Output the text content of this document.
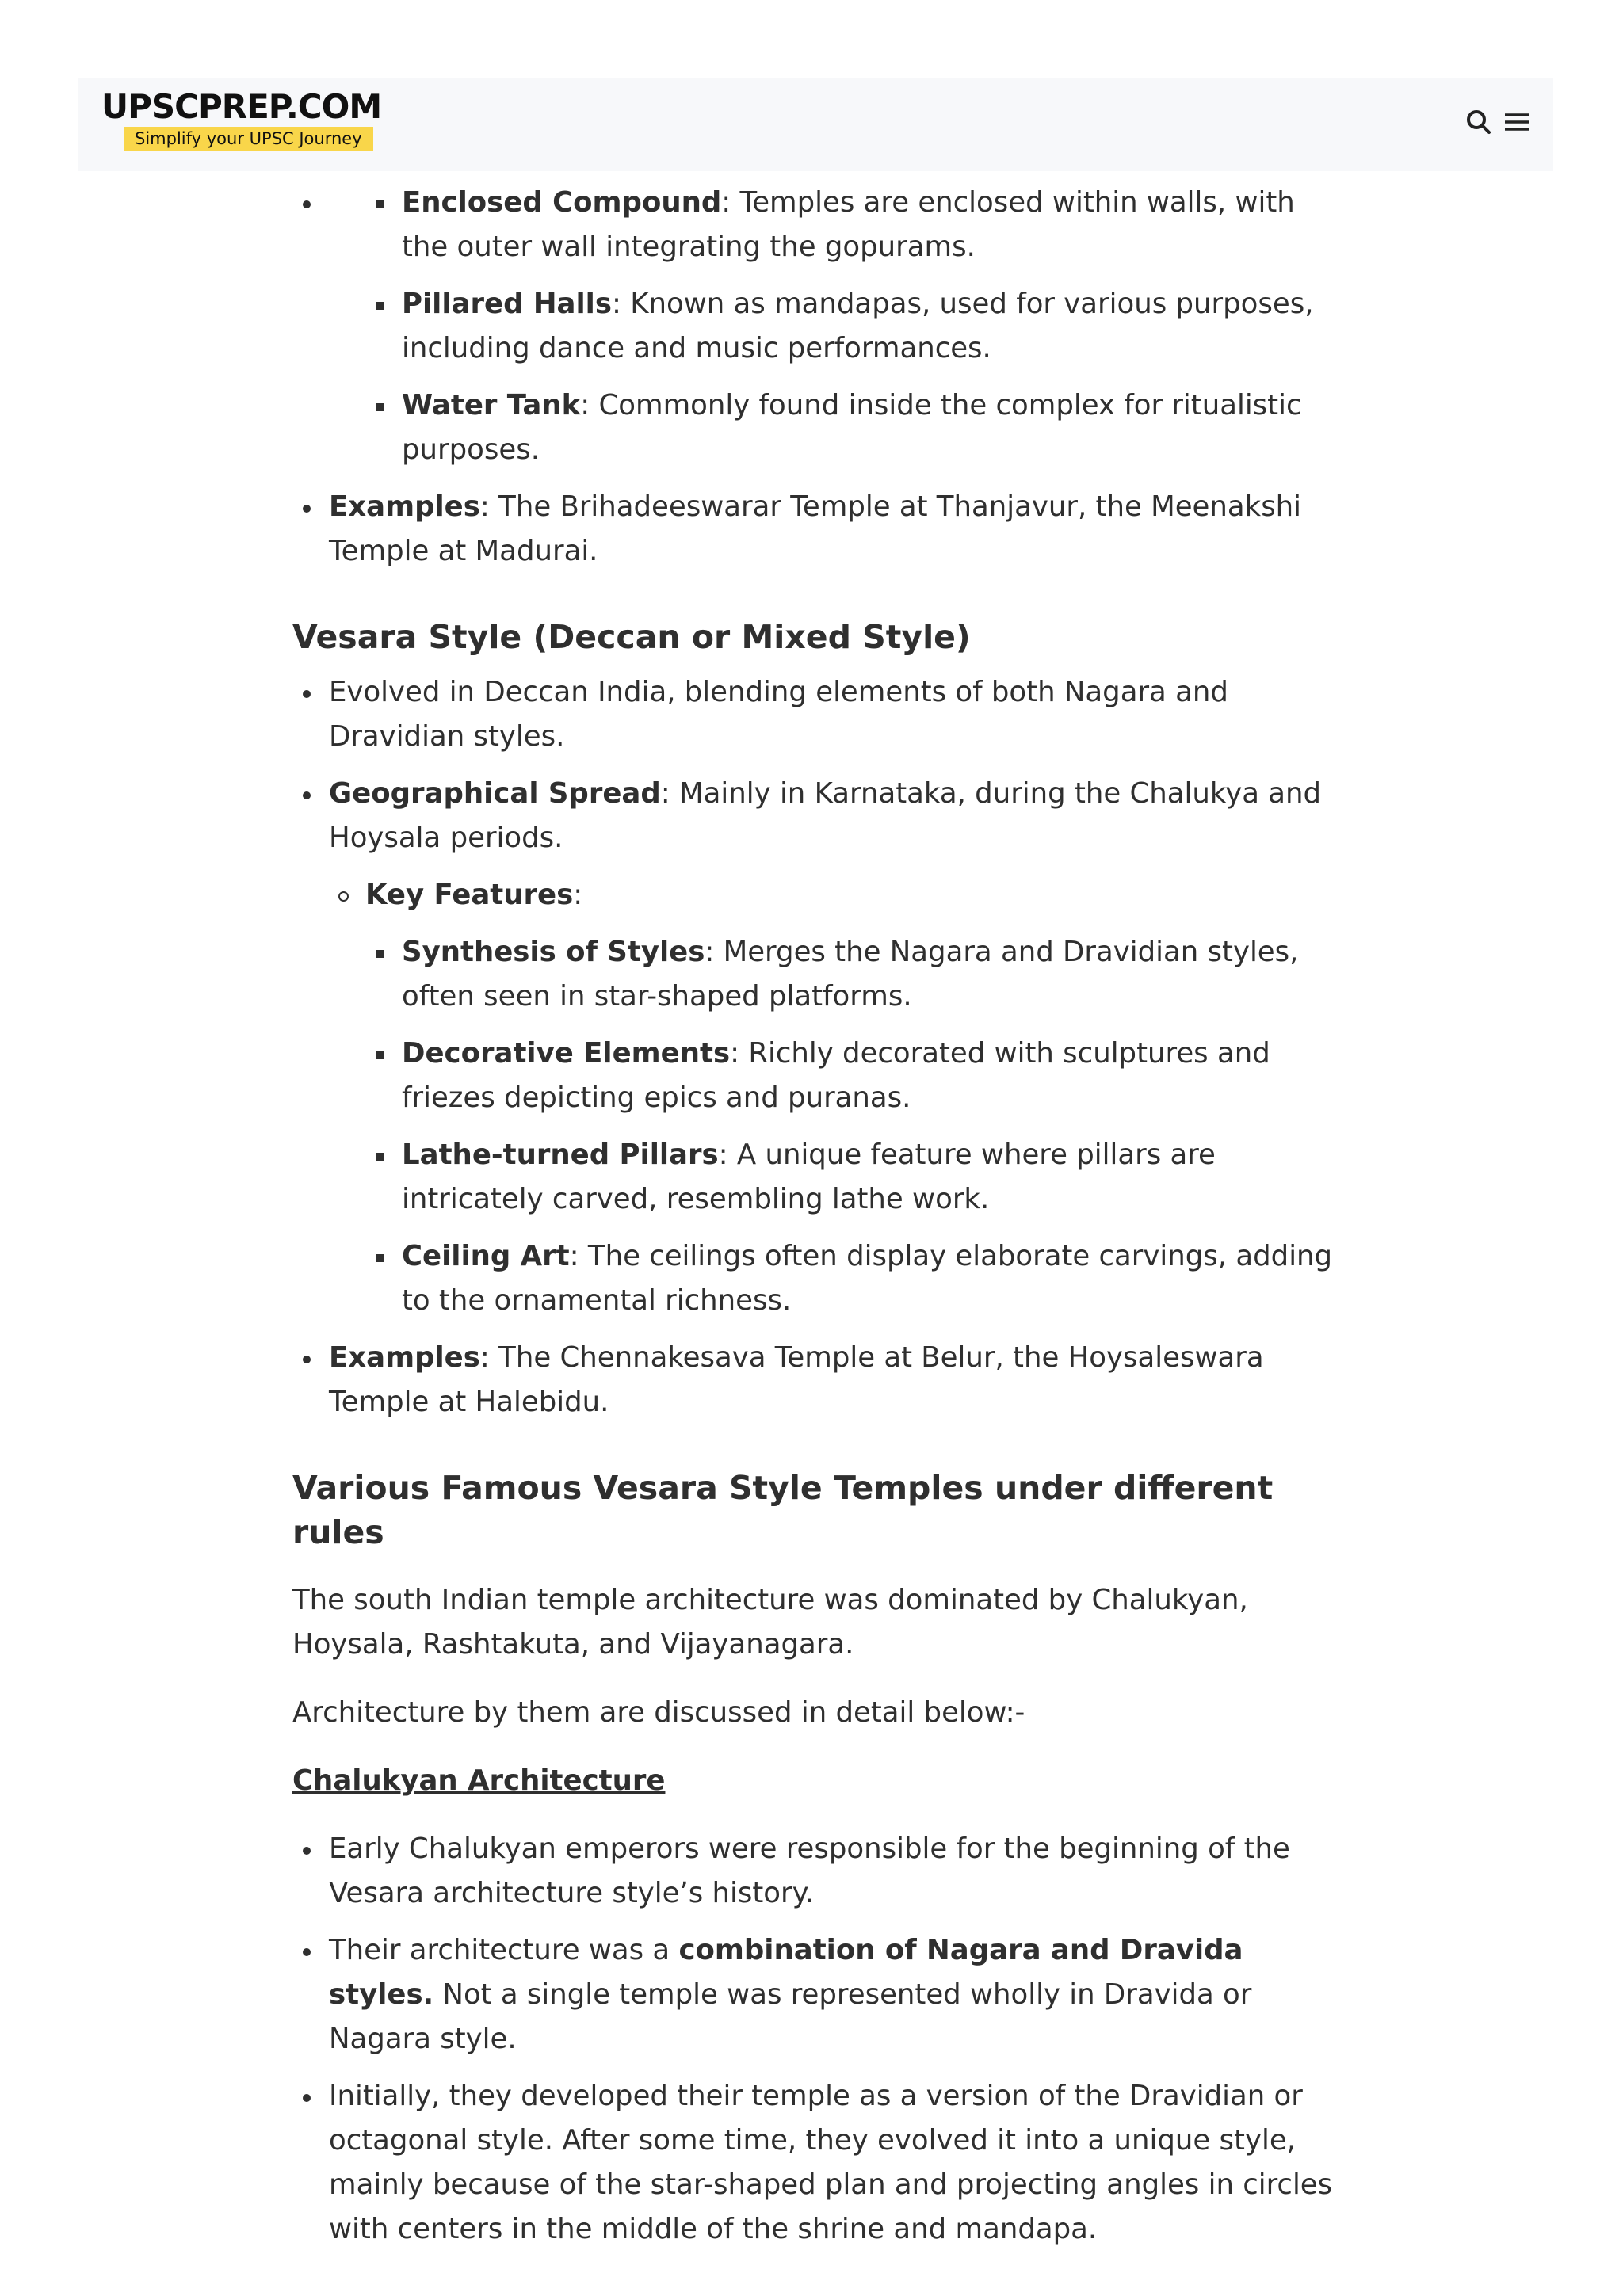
UPSCPREP.COM
Simplify your UPSC Journey
Enclosed Compound: Temples are enclosed within walls, with the outer wall integrating the gopurams.
Pillared Halls: Known as mandapas, used for various purposes, including dance and music performances.
Water Tank: Commonly found inside the complex for ritualistic purposes.
Examples: The Brihadeeswarar Temple at Thanjavur, the Meenakshi Temple at Madurai.
Vesara Style (Deccan or Mixed Style)
Evolved in Deccan India, blending elements of both Nagara and Dravidian styles.
Geographical Spread: Mainly in Karnataka, during the Chalukya and Hoysala periods.
Key Features:
Synthesis of Styles: Merges the Nagara and Dravidian styles, often seen in star-shaped platforms.
Decorative Elements: Richly decorated with sculptures and friezes depicting epics and puranas.
Lathe-turned Pillars: A unique feature where pillars are intricately carved, resembling lathe work.
Ceiling Art: The ceilings often display elaborate carvings, adding to the ornamental richness.
Examples: The Chennakesava Temple at Belur, the Hoysaleswara Temple at Halebidu.
Various Famous Vesara Style Temples under different rules

The south Indian temple architecture was dominated by Chalukyan, Hoysala, Rashtakuta, and Vijayanagara.

Architecture by them are discussed in detail below:-

Chalukyan Architecture

Early Chalukyan emperors were responsible for the beginning of the Vesara architecture style’s history.
Their architecture was a combination of Nagara and Dravida styles. Not a single temple was represented wholly in Dravida or Nagara style.
Initially, they developed their temple as a version of the Dravidian or octagonal style. After some time, they evolved it into a unique style, mainly because of the star-shaped plan and projecting angles in circles with centers in the middle of the shrine and mandapa.
